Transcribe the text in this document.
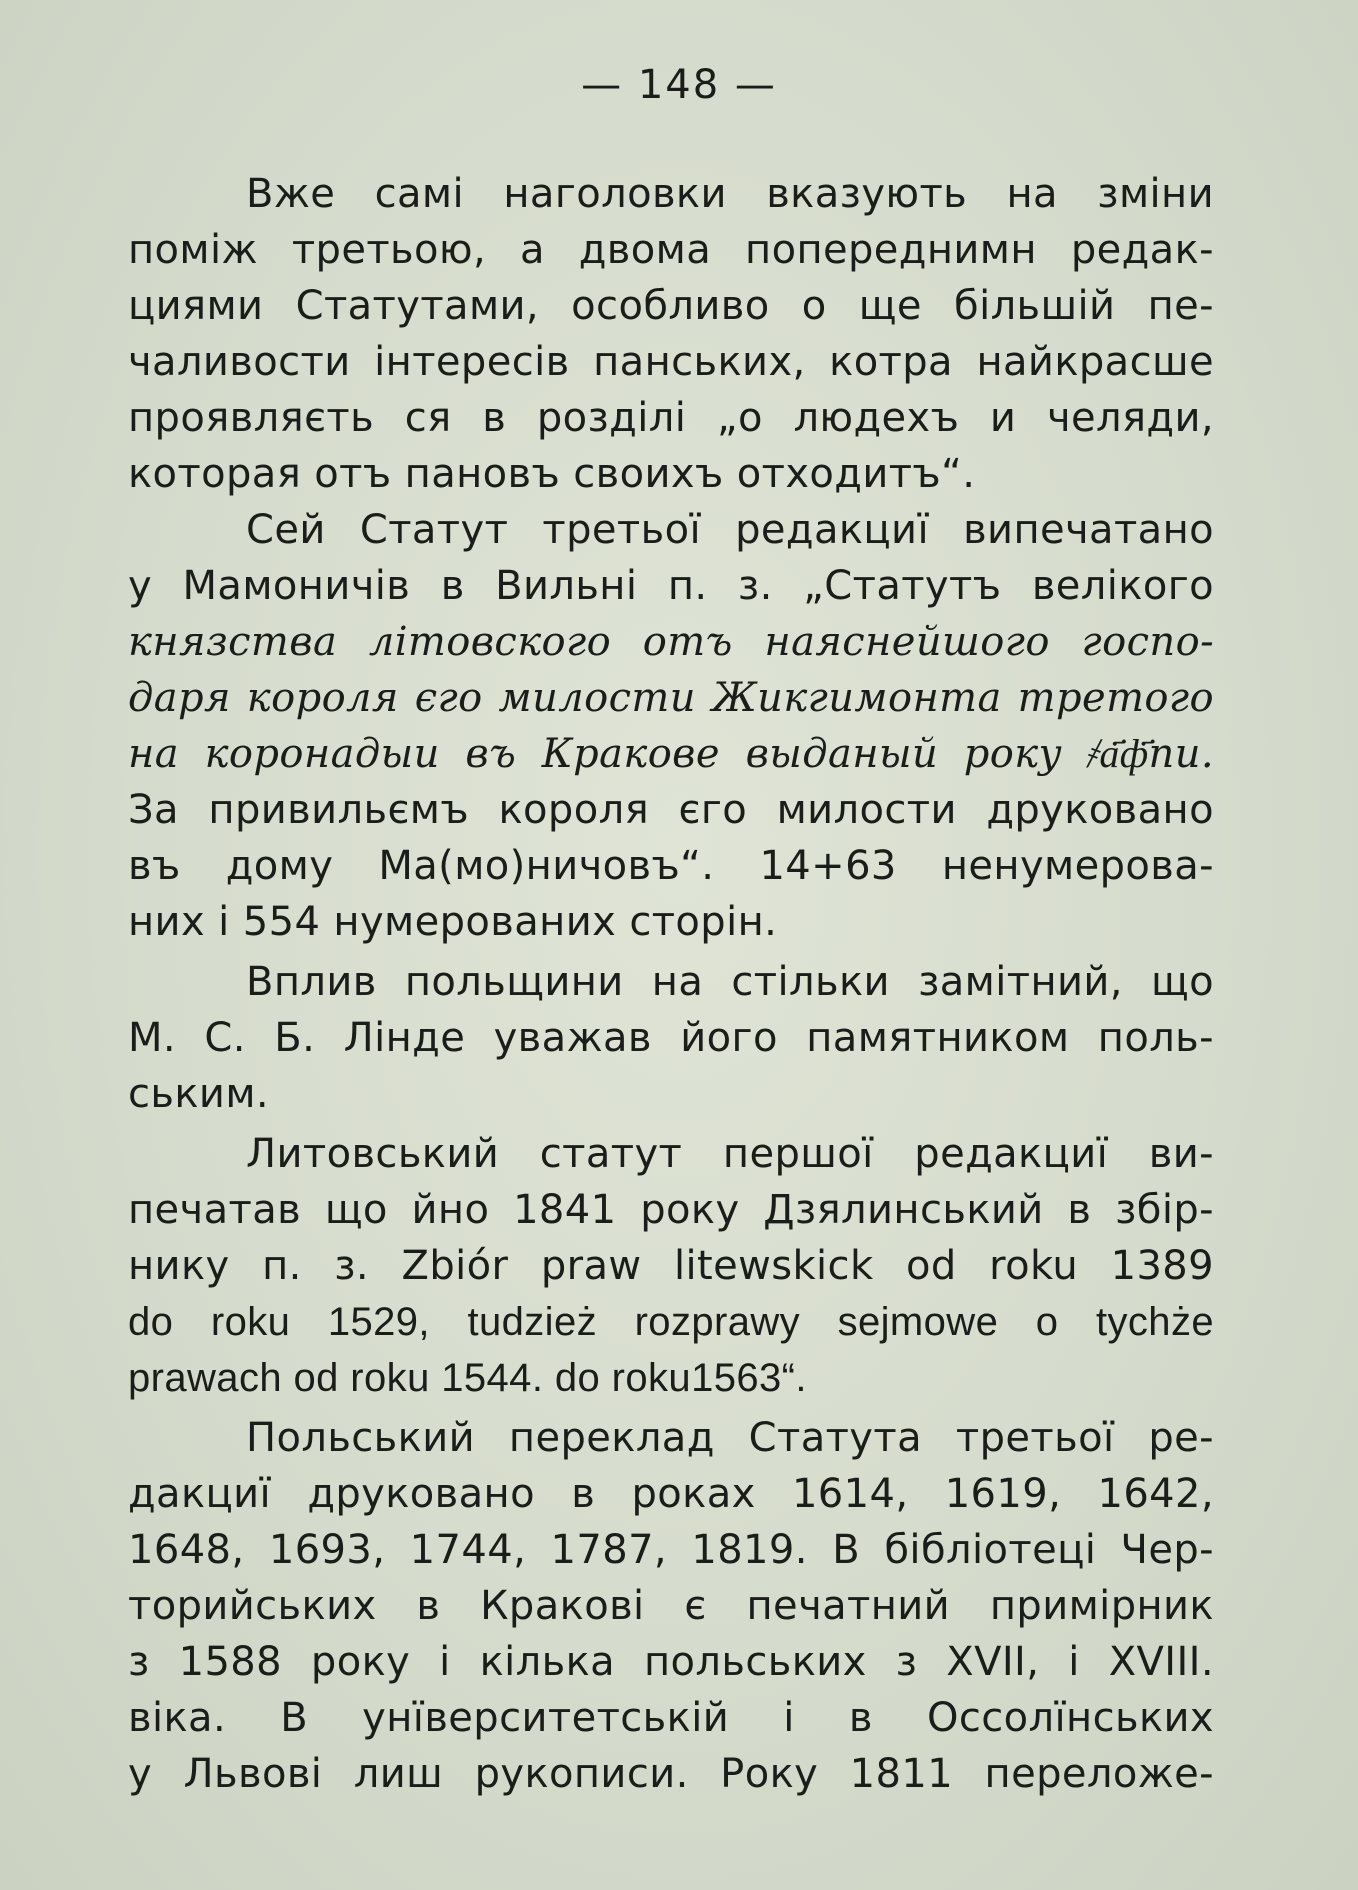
— 148 —
Вже самі наголовки вказують на зміни
поміж третьою, а двома попереднимн редак-
циями Статутами, особливо о ще більшій пе-
чаливости інтересів панських, котра найкрасше
проявляєть ся в розділі „о людехъ и челяди,
которая отъ пановъ своихъ отходитъ“.
Сей Статут третьої редакциї випечатано
у Мамоничів в Вильні п. з. „Статутъ велікого
князства літовского отъ наяснейшого госпо-
даря короля єго милости Жикгимонта третого
на коронадыи въ Кракове выданый року ҂а҃ф҃пи.
За привильємъ короля єго милости друковано
въ дому Ма(мо)ничовъ“. 14+63 ненумерова-
них і 554 нумерованих сторін.
Вплив польщини на стільки замітний, що
М. С. Б. Лінде уважав його памятником поль-
ським.
Литовський статут першої редакциї ви-
печатав що йно 1841 року Дзялинський в збір-
нику п. з. Zbiór praw litewskick od roku 1389
do roku 1529, tudzież rozprawy sejmowe o tychże
prawach od roku 1544. do roku1563“.
Польський переклад Статута третьої ре-
дакциї друковано в роках 1614, 1619, 1642,
1648, 1693, 1744, 1787, 1819. В бібліотеці Чер-
торийських в Кракові є печатний примірник
з 1588 року і кілька польських з XVII, і XVIII.
віка. В унїверситетській і в Оссолїнських
у Львові лиш рукописи. Року 1811 переложе-
